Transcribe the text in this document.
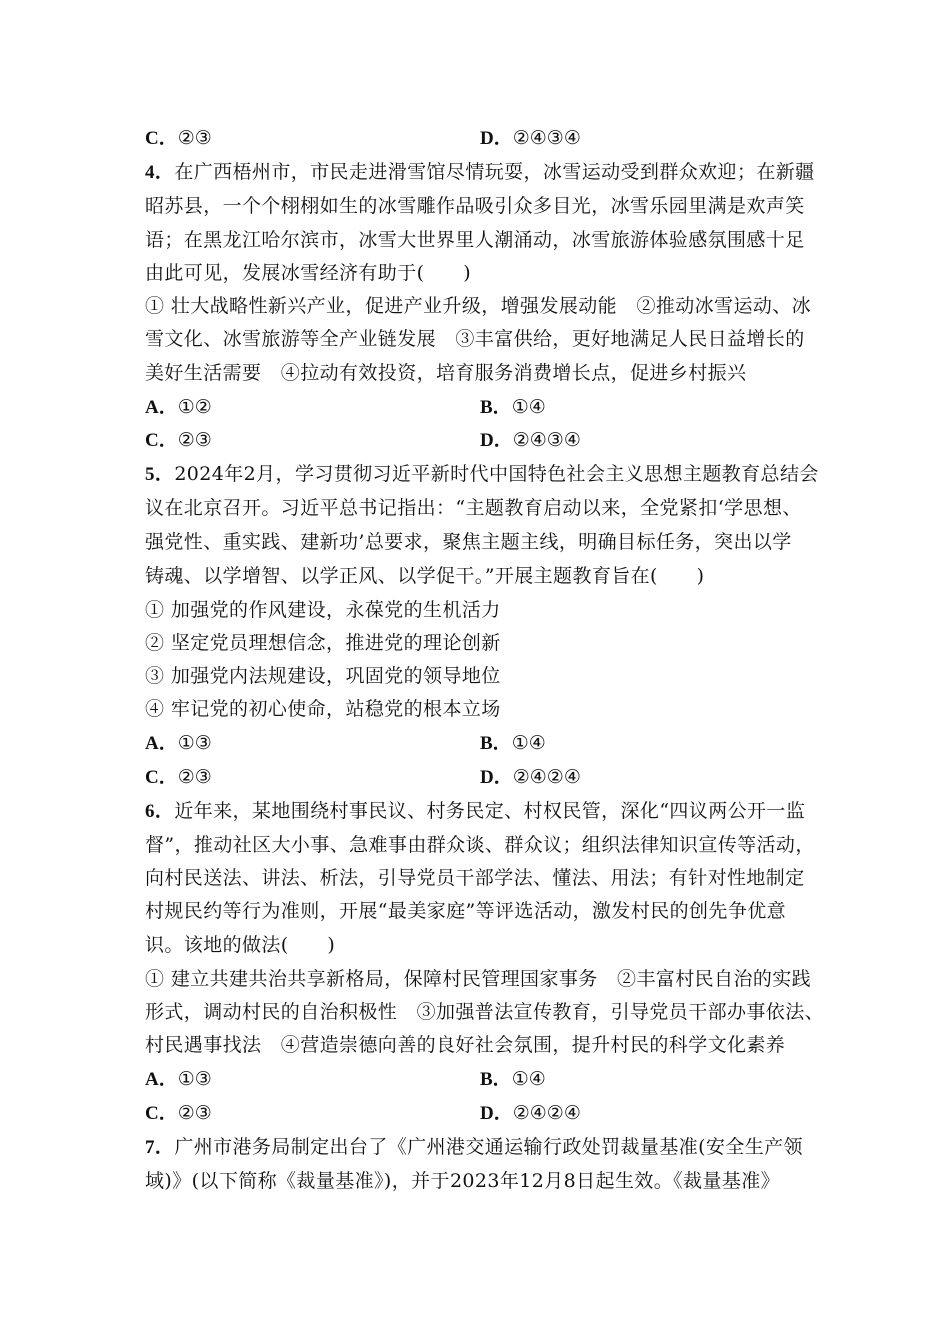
C．②③	D．②④③④
4．在广西梧州市，市民走进滑雪馆尽情玩耍，冰雪运动受到群众欢迎；在新疆
昭苏县，一个个栩栩如生的冰雪雕作品吸引众多目光，冰雪乐园里满是欢声笑
语；在黑龙江哈尔滨市，冰雪大世界里人潮涌动，冰雪旅游体验感氛围感十足
由此可见，发展冰雪经济有助于(　　)
① 壮大战略性新兴产业，促进产业升级，增强发展动能　②推动冰雪运动、冰
雪文化、冰雪旅游等全产业链发展　③丰富供给，更好地满足人民日益增长的
美好生活需要　④拉动有效投资，培育服务消费增长点，促进乡村振兴
A．①②	B．①④
C．②③	D．②④③④
5．2024年2月，学习贯彻习近平新时代中国特色社会主义思想主题教育总结会
议在北京召开。习近平总书记指出：“主题教育启动以来，全党紧扣‘学思想、
强党性、重实践、建新功’总要求，聚焦主题主线，明确目标任务，突出以学
铸魂、以学增智、以学正风、以学促干。”开展主题教育旨在(　　)
① 加强党的作风建设，永葆党的生机活力
② 坚定党员理想信念，推进党的理论创新
③ 加强党内法规建设，巩固党的领导地位
④ 牢记党的初心使命，站稳党的根本立场
A．①③	B．①④
C．②③	D．②④②④
6．近年来，某地围绕村事民议、村务民定、村权民管，深化“四议两公开一监
督”，推动社区大小事、急难事由群众谈、群众议；组织法律知识宣传等活动，
向村民送法、讲法、析法，引导党员干部学法、懂法、用法；有针对性地制定
村规民约等行为准则，开展“最美家庭”等评选活动，激发村民的创先争优意
识。该地的做法(　　)
① 建立共建共治共享新格局，保障村民管理国家事务　②丰富村民自治的实践
形式，调动村民的自治积极性　③加强普法宣传教育，引导党员干部办事依法、
村民遇事找法　④营造崇德向善的良好社会氛围，提升村民的科学文化素养
A．①③	B．①④
C．②③	D．②④②④
7．广州市港务局制定出台了《广州港交通运输行政处罚裁量基准(安全生产领
域)》(以下简称《裁量基准》)，并于2023年12月8日起生效。《裁量基准》
